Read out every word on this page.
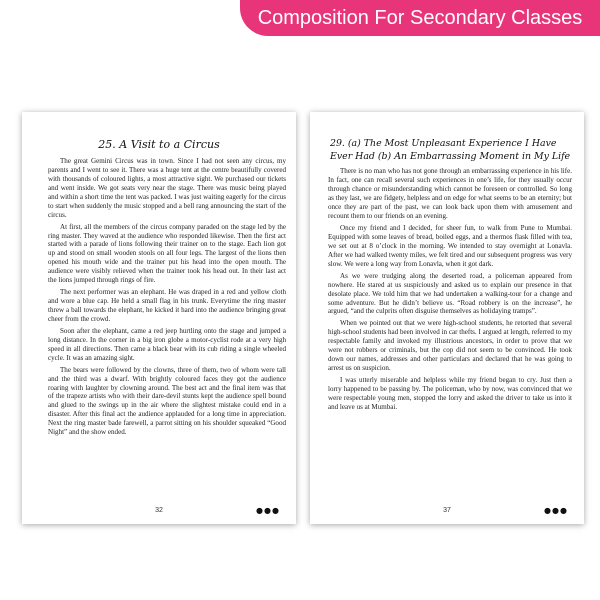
Composition For Secondary Classes
25. A Visit to a Circus

The great Gemini Circus was in town. Since I had not seen any circus, my parents and I went to see it. There was a huge tent at the centre beautifully covered with thousands of coloured lights, a most attractive sight. We purchased our tickets and went inside. We got seats very near the stage. There was music being played and within a short time the tent was packed. I was just waiting eagerly for the circus to start when suddenly the music stopped and a bell rang announcing the start of the circus.

At first, all the members of the circus company paraded on the stage led by the ring master. They waved at the audience who responded likewise. Then the first act started with a parade of lions following their trainer on to the stage. Each lion got up and stood on small wooden stools on all four legs. The largest of the lions then opened his mouth wide and the trainer put his head into the open mouth. The audience were visibly relieved when the trainer took his head out. In their last act the lions jumped through rings of fire.

The next performer was an elephant. He was draped in a red and yellow cloth and wore a blue cap. He held a small flag in his trunk. Everytime the ring master threw a ball towards the elephant, he kicked it hard into the audience bringing great cheer from the crowd.

Soon after the elephant, came a red jeep hurtling onto the stage and jumped a long distance. In the corner in a big iron globe a motor-cyclist rode at a very high speed in all directions. Then came a black bear with its cub riding a single wheeled cycle. It was an amazing sight.

The bears were followed by the clowns, three of them, two of whom were tall and the third was a dwarf. With brightly coloured faces they got the audience roaring with laughter by clowning around. The best act and the final item was that of the trapeze artists who with their dare-devil stunts kept the audience spell bound and glued to the swings up in the air where the slightest mistake could end in a disaster. After this final act the audience applauded for a long time in appreciation. Next the ring master bade farewell, a parrot sitting on his shoulder squeaked “Good Night” and the show ended.

32	●●●
29. (a) The Most Unpleasant Experience I Have Ever Had (b) An Embarrassing Moment in My Life

There is no man who has not gone through an embarrassing experience in his life. In fact, one can recall several such experiences in one’s life, for they usually occur through chance or misunderstanding which cannot be foreseen or controlled. So long as they last, we are fidgety, helpless and on edge for what seems to be an eternity; but once they are part of the past, we can look back upon them with amusement and recount them to our friends on an evening.

Once my friend and I decided, for sheer fun, to walk from Pune to Mumbai. Equipped with some leaves of bread, boiled eggs, and a thermos flask filled with tea, we set out at 8 o’clock in the morning. We intended to stay overnight at Lonavla. After we had walked twenty miles, we felt tired and our subsequent progress was very slow. We were a long way from Lonavla, when it got dark.

As we were trudging along the deserted road, a policeman appeared from nowhere. He stared at us suspiciously and asked us to explain our presence in that desolate place. We told him that we had undertaken a walking-tour for a change and some adventure. But he didn’t believe us. “Road robbery is on the increase”, he argued, “and the culprits often disguise themselves as holidaying tramps”.

When we pointed out that we were high-school students, he retorted that several high-school students had been involved in car thefts. I argued at length, referred to my respectable family and invoked my illustrious ancestors, in order to prove that we were not robbers or criminals, but the cop did not seem to be convinced. He took down our names, addresses and other particulars and declared that he was going to arrest us on suspicion.

I was utterly miserable and helpless while my friend began to cry. Just then a lorry happened to be passing by. The policeman, who by now, was convinced that we were respectable young men, stopped the lorry and asked the driver to take us into it and leave us at Mumbai.

37	●●●
